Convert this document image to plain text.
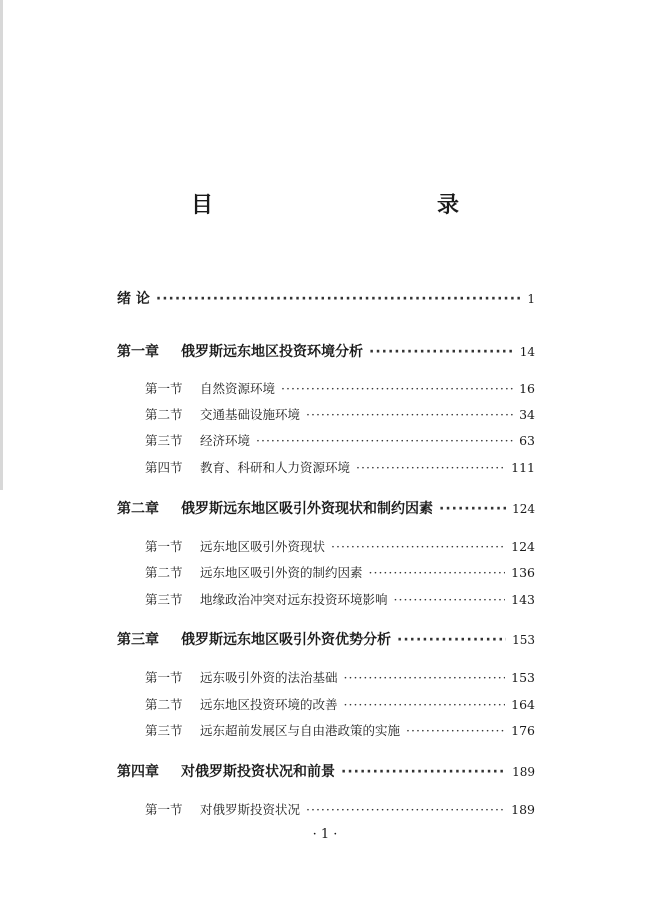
目　　录
绪 论 ·····	1
第一章 俄罗斯远东地区投资环境分析 ·····	14
第一节 自然资源环境 ·····	16
第二节 交通基础设施环境 ·····	34
第三节 经济环境 ·····	63
第四节 教育、科研和人力资源环境 ·····	111
第二章 俄罗斯远东地区吸引外资现状和制约因素 ·····	124
第一节 远东地区吸引外资现状 ·····	124
第二节 远东地区吸引外资的制约因素 ·····	136
第三节 地缘政治冲突对远东投资环境影响 ·····	143
第三章 俄罗斯远东地区吸引外资优势分析 ·····	153
第一节 远东吸引外资的法治基础 ·····	153
第二节 远东地区投资环境的改善 ·····	164
第三节 远东超前发展区与自由港政策的实施 ·····	176
第四章 对俄罗斯投资状况和前景 ·····	189
第一节 对俄罗斯投资状况 ·····	189
· 1 ·
